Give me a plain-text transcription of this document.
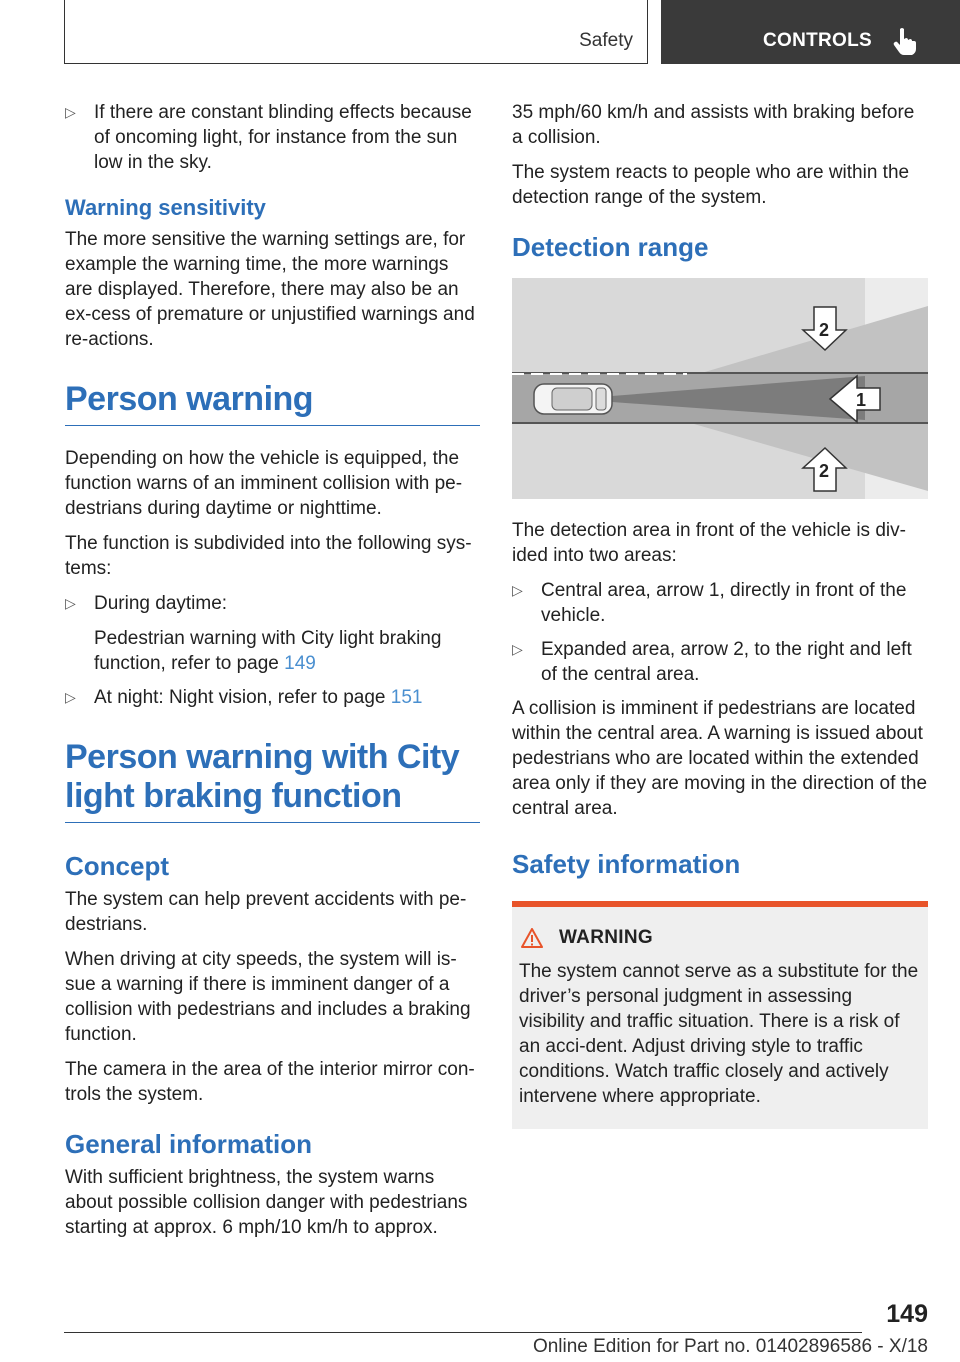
Safety	CONTROLS
▷ If there are constant blinding effects because of oncoming light, for instance from the sun low in the sky.
Warning sensitivity

The more sensitive the warning settings are, for example the warning time, the more warnings are displayed. Therefore, there may also be an ex‐cess of premature or unjustified warnings and re‐actions.

Person warning

Depending on how the vehicle is equipped, the function warns of an imminent collision with pe‐destrians during daytime or nighttime.

The function is subdivided into the following sys‐tems:

▷ During daytime:
Pedestrian warning with City light braking function, refer to page 149
▷ At night: Night vision, refer to page 151
Person warning with City light braking function
Concept

The system can help prevent accidents with pe‐destrians.

When driving at city speeds, the system will is‐sue a warning if there is imminent danger of a collision with pedestrians and includes a braking function.

The camera in the area of the interior mirror con‐trols the system.

General information

With sufficient brightness, the system warns about possible collision danger with pedestrians starting at approx. 6 mph/10 km/h to approx.

35 mph/60 km/h and assists with braking before a collision.

The system reacts to people who are within the detection range of the system.

Detection range
1
2
2

The detection area in front of the vehicle is div‐ided into two areas:

▷ Central area, arrow 1, directly in front of the vehicle.
▷ Expanded area, arrow 2, to the right and left of the central area.

A collision is imminent if pedestrians are located within the central area. A warning is issued about pedestrians who are located within the extended area only if they are moving in the direction of the central area.

Safety information
WARNING

The system cannot serve as a substitute for the driver’s personal judgment in assessing visibility and traffic situation. There is a risk of an acci‐dent. Adjust driving style to traffic conditions. Watch traffic closely and actively intervene where appropriate.

149
Online Edition for Part no. 01402896586 - X/18
